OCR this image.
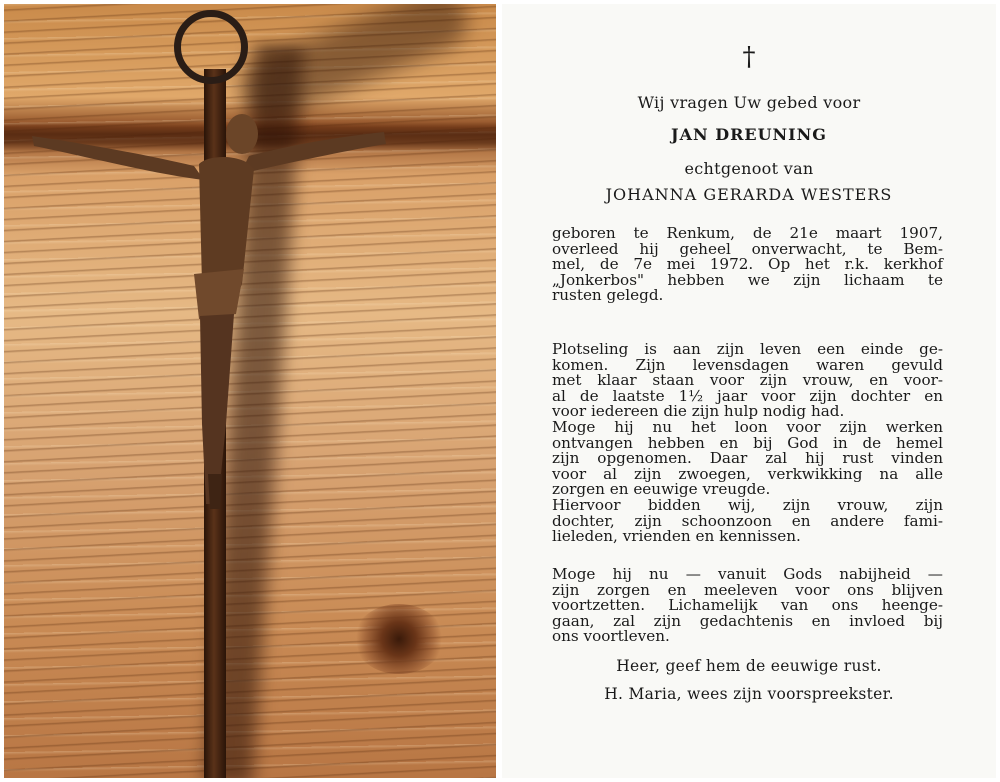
†
Wij vragen Uw gebed voor
JAN DREUNING
echtgenoot van
JOHANNA GERARDA WESTERS
geboren te Renkum, de 21e maart 1907,
overleed hij geheel onverwacht, te Bem-
mel, de 7e mei 1972. Op het r.k. kerkhof
„Jonkerbos" hebben we zijn lichaam te
rusten gelegd.
Plotseling is aan zijn leven een einde ge-
komen. Zijn levensdagen waren gevuld
met klaar staan voor zijn vrouw, en voor-
al de laatste 1½ jaar voor zijn dochter en
voor iedereen die zijn hulp nodig had.
Moge hij nu het loon voor zijn werken
ontvangen hebben en bij God in de hemel
zijn opgenomen. Daar zal hij rust vinden
voor al zijn zwoegen, verkwikking na alle
zorgen en eeuwige vreugde.
Hiervoor bidden wij, zijn vrouw, zijn
dochter, zijn schoonzoon en andere fami-
lieleden, vrienden en kennissen.
Moge hij nu — vanuit Gods nabijheid —
zijn zorgen en meeleven voor ons blijven
voortzetten. Lichamelijk van ons heenge-
gaan, zal zijn gedachtenis en invloed bij
ons voortleven.
Heer, geef hem de eeuwige rust.
H. Maria, wees zijn voorspreekster.
